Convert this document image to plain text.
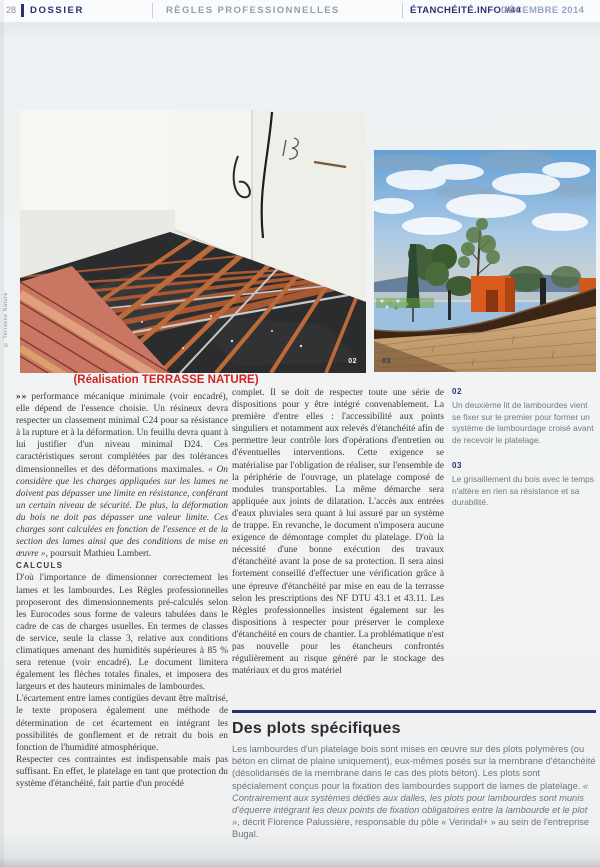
28 DOSSIER	RÈGLES PROFESSIONNELLES	ÉTANCHÉITÉ.INFO #44
DÉCEMBRE 2014
02
© Terrasse Nature
03
(Réalisation TERRASSE NATURE)

»» performance mécanique minimale (voir encadré), elle dépend de l'essence choisie. Un résineux devra respecter un classement minimal C24 pour sa résistance à la rupture et à la déformation. Un feuillu devra quant à lui justifier d'un niveau minimal D24. Ces caractéristiques seront complétées par des tolérances dimensionnelles et des déformations maximales. « On considère que les charges appliquées sur les lames ne doivent pas dépasser une limite en résistance, conférant un certain niveau de sécurité. De plus, la déformation du bois ne doit pas dépasser une valeur limite. Ces charges sont calculées en fonction de l'essence et de la section des lames ainsi que des conditions de mise en œuvre », poursuit Mathieu Lambert.

CALCULS

D'où l'importance de dimensionner correctement les lames et les lambourdes. Les Règles professionnelles proposeront des dimensionnements pré-calculés selon les Eurocodes sous forme de valeurs tabulées dans le cadre de cas de charges usuelles. En termes de classes de service, seule la classe 3, relative aux conditions climatiques amenant des humidités supérieures à 85 % sera retenue (voir encadré). Le document limitera également les flèches totales finales, et imposera des largeurs et des hauteurs minimales de lambourdes.

L'écartement entre lames contigües devant être maîtrisé, le texte proposera également une méthode de détermination de cet écartement en intégrant les possibilités de gonflement et de retrait du bois en fonction de l'humidité atmosphérique.

Respecter ces contraintes est indispensable mais pas suffisant. En effet, le platelage en tant que protection du système d'étanchéité, fait partie d'un procédé

complet. Il se doit de respecter toute une série de dispositions pour y être intégré convenablement. La première d'entre elles : l'accessibilité aux points singuliers et notamment aux relevés d'étanchéité afin de permettre leur contrôle lors d'opérations d'entretien ou d'éventuelles interventions. Cette exigence se matérialise par l'obligation de réaliser, sur l'ensemble de la périphérie de l'ouvrage, un platelage composé de modules transportables. La même démarche sera appliquée aux joints de dilatation. L'accès aux entrées d'eaux pluviales sera quant à lui assuré par un système de trappe. En revanche, le document n'imposera aucune exigence de démontage complet du platelage. D'où la nécessité d'une bonne exécution des travaux d'étanchéité avant la pose de sa protection. Il sera ainsi fortement conseillé d'effectuer une vérification grâce à une épreuve d'étanchéité par mise en eau de la terrasse selon les prescriptions des NF DTU 43.1 et 43.11. Les Règles professionnelles insistent également sur les dispositions à respecter pour préserver le complexe d'étanchéité en cours de chantier. La problématique n'est pas nouvelle pour les étancheurs confrontés régulièrement au risque généré par le stockage des matériaux et du gros matériel

02

Un deuxième lit de lambourdes vient se fixer sur le premier pour former un système de lambourdage croisé avant de recevoir le platelage.

03

Le grisaillement du bois avec le temps n'altère en rien sa résistance et sa durabilité.

Des plots spécifiques
Les lambourdes d'un platelage bois sont mises en œuvre sur des plots polymères (ou béton en climat de plaine uniquement), eux-mêmes posés sur la membrane d'étanchéité (désolidarisés de la membrane dans le cas des plots béton). Les plots sont spécialement conçus pour la fixation des lambourdes support de lames de platelage. « Contrairement aux systèmes dédiés aux dalles, les plots pour lambourdes sont munis d'équerre intégrant les deux points de fixation obligatoires entre la lambourde et le plot », décrit Florence Palussière, responsable du pôle « Verindal+ » au sein de l'entreprise Bugal.
